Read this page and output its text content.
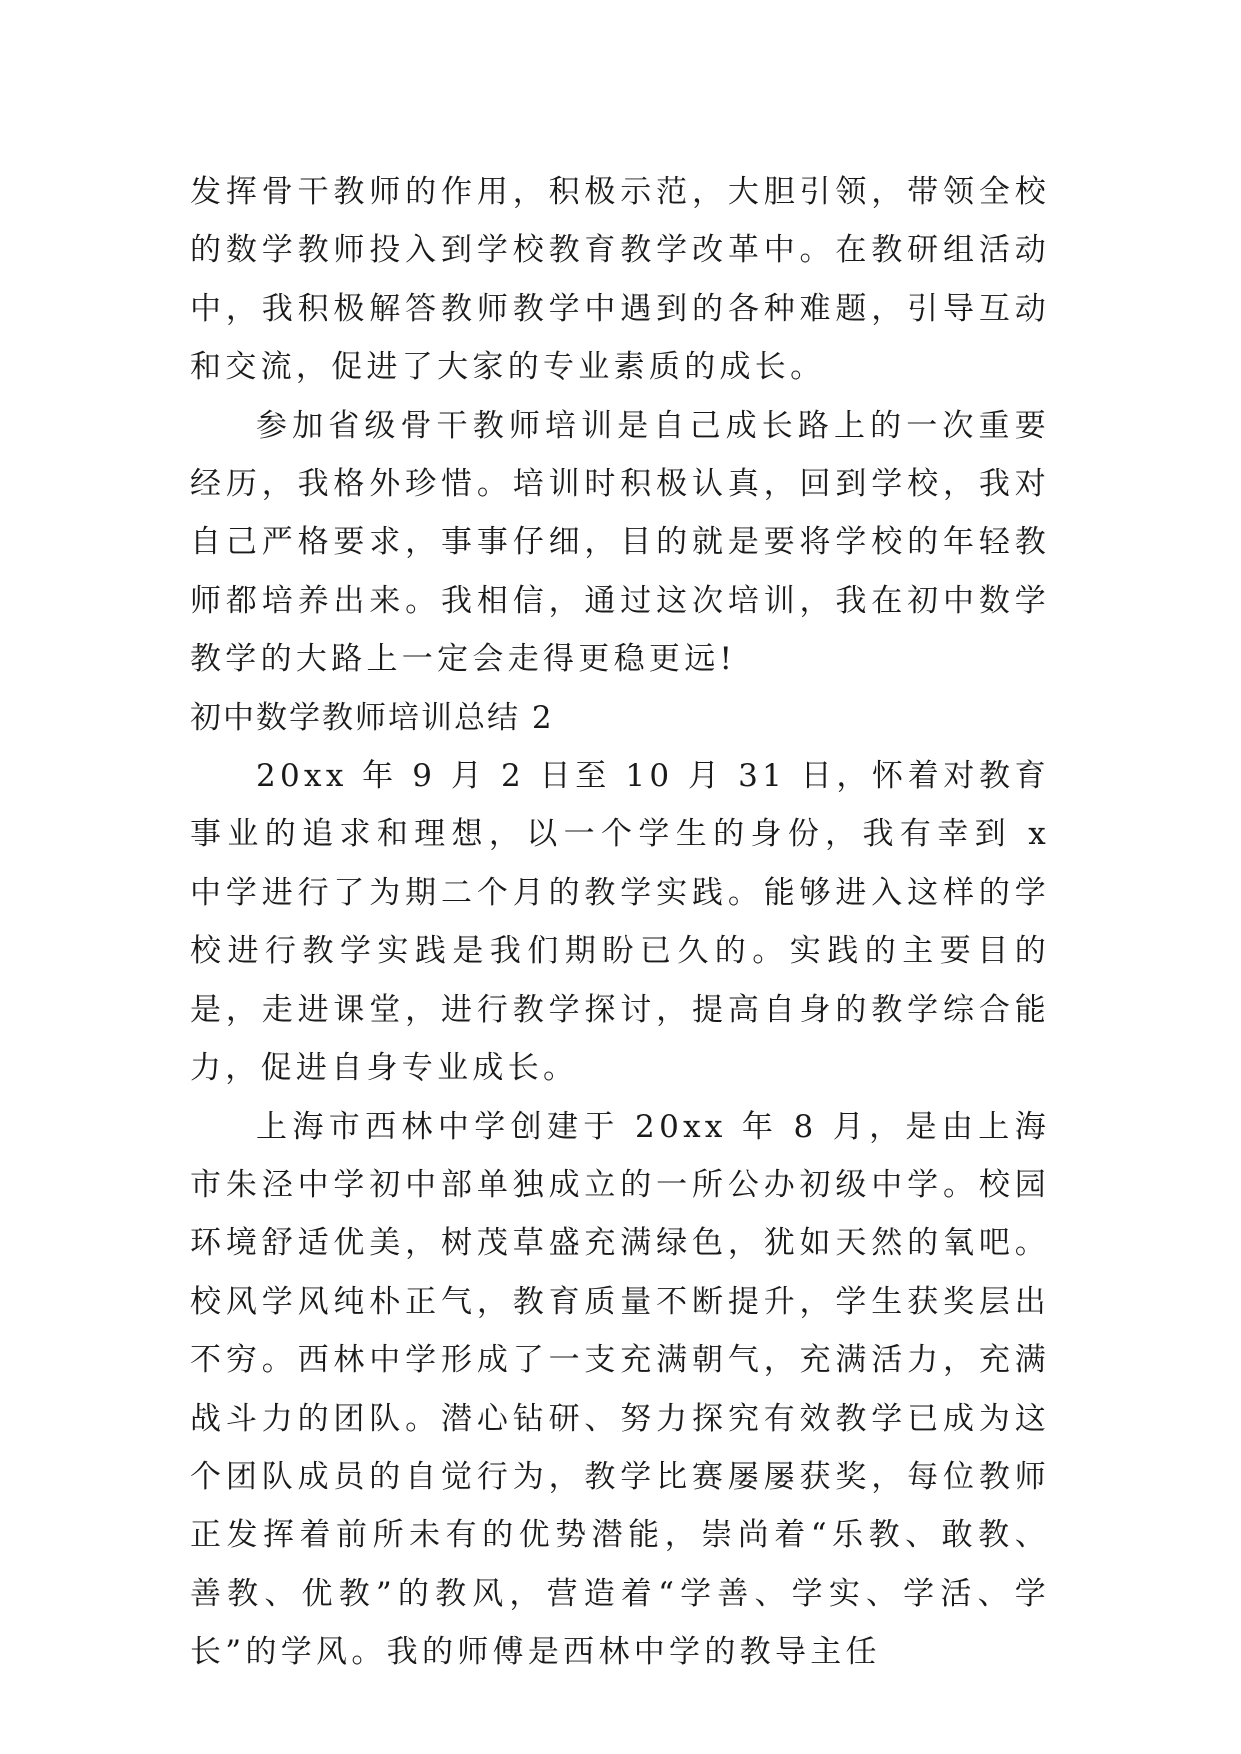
发挥骨干教师的作用，积极示范，大胆引领，带领全校的数学教师投入到学校教育教学改革中。在教研组活动中，我积极解答教师教学中遇到的各种难题，引导互动和交流，促进了大家的专业素质的成长。

参加省级骨干教师培训是自己成长路上的一次重要经历，我格外珍惜。培训时积极认真，回到学校，我对自己严格要求，事事仔细，目的就是要将学校的年轻教师都培养出来。我相信，通过这次培训，我在初中数学教学的大路上一定会走得更稳更远!

初中数学教师培训总结 2

20xx 年 9 月 2 日至 10 月 31 日，怀着对教育事业的追求和理想，以一个学生的身份，我有幸到 x 中学进行了为期二个月的教学实践。能够进入这样的学校进行教学实践是我们期盼已久的。实践的主要目的是，走进课堂，进行教学探讨，提高自身的教学综合能力，促进自身专业成长。

上海市西林中学创建于 20xx 年 8 月，是由上海市朱泾中学初中部单独成立的一所公办初级中学。校园环境舒适优美，树茂草盛充满绿色，犹如天然的氧吧。校风学风纯朴正气，教育质量不断提升，学生获奖层出不穷。西林中学形成了一支充满朝气，充满活力，充满战斗力的团队。潜心钻研、努力探究有效教学已成为这个团队成员的自觉行为，教学比赛屡屡获奖，每位教师正发挥着前所未有的优势潜能，崇尚着“乐教、敢教、善教、优教”的教风，营造着“学善、学实、学活、学长”的学风。我的师傅是西林中学的教导主任
